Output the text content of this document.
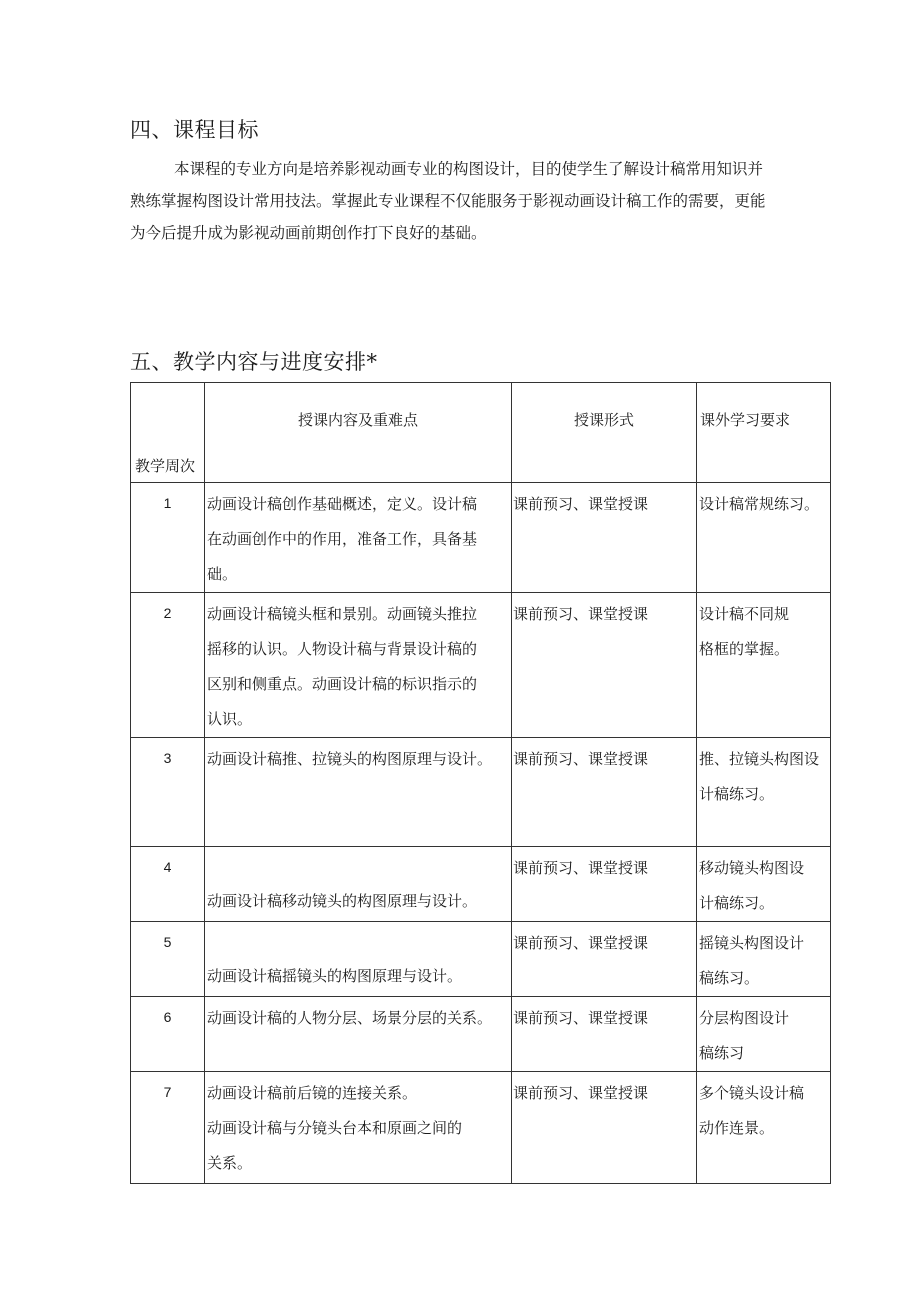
四、课程目标
本课程的专业方向是培养影视动画专业的构图设计，目的使学生了解设计稿常用知识并
熟练掌握构图设计常用技法。掌握此专业课程不仅能服务于影视动画设计稿工作的需要，更能
为今后提升成为影视动画前期创作打下良好的基础。
五、教学内容与进度安排*
教学周次	授课内容及重难点	授课形式	课外学习要求
1	动画设计稿创作基础概述，定义。设计稿
在动画创作中的作用，准备工作，具备基
础。	课前预习、课堂授课	设计稿常规练习。

2	动画设计稿镜头框和景别。动画镜头推拉
摇移的认识。人物设计稿与背景设计稿的
区别和侧重点。动画设计稿的标识指示的
认识。	课前预习、课堂授课	设计稿不同规
格框的掌握。

3	动画设计稿推、拉镜头的构图原理与设计。	课前预习、课堂授课	推、拉镜头构图设
计稿练习。

4	动画设计稿移动镜头的构图原理与设计。	课前预习、课堂授课	移动镜头构图设
计稿练习。

5	动画设计稿摇镜头的构图原理与设计。	课前预习、课堂授课	摇镜头构图设计
稿练习。

6	动画设计稿的人物分层、场景分层的关系。	课前预习、课堂授课	分层构图设计
稿练习

7	动画设计稿前后镜的连接关系。
动画设计稿与分镜头台本和原画之间的
关系。	课前预习、课堂授课	多个镜头设计稿
动作连景。
